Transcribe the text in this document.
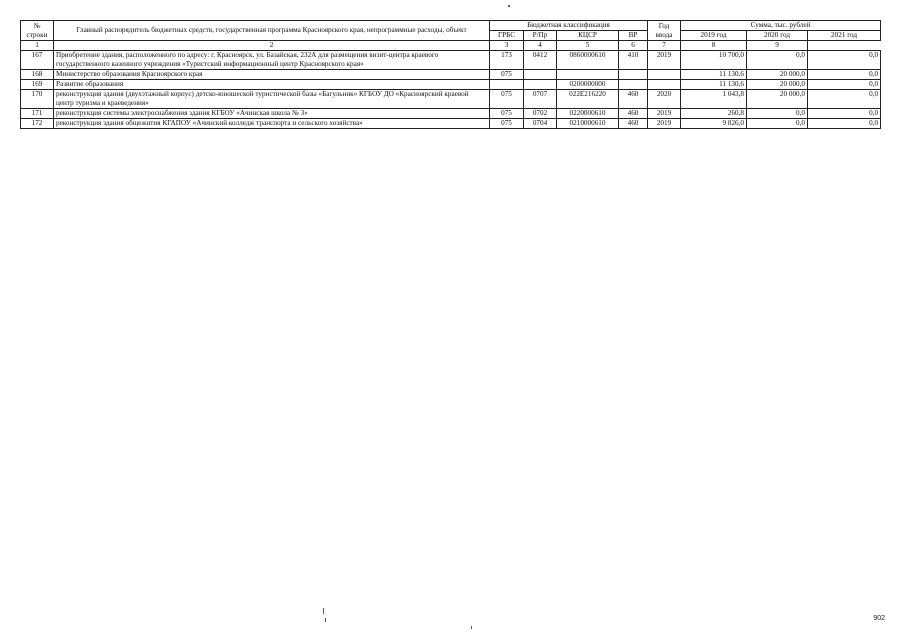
№
строки	Главный распорядитель бюджетных средств, государственная программа Красноярского края, непрограммные расходы, объект	Бюджетная классификация				Год
ввода	Сумма, тыс. рублей		
		ГРБС	Р/Пр	КЦСР	ВР		2019 год	2020 год	2021 год
1	2	3	4	5	6	7	8	9	
167	Приобретение здания, расположенного по адресу: г. Красноярск, ул. Базайская, 232А для размещения визит-центра краевого государственного казенного учреждения «Туристский информационный центр Красноярского края»	173	0412	0860000610	410	2019	10 700,0	0,0	0,0
168	Министерство образования Красноярского края	075					11 130,6	20 000,0	0,0
169	Развитие образования			0200000000			11 130,6	20 000,0	0,0
170	реконструкция здания (двухэтажный корпус) детско-юношеской туристической базы «Багульник» КГБОУ ДО «Красноярский краевой центр туризма и краеведения»	075	0707	022E216220	460	2020	1 043,8	20 000,0	0,0
171	реконструкция системы электроснабжения здания КГБОУ «Ачинская школа № 3»	075	0702	0220000610	460	2019	260,8	0,0	0,0
172	реконструкция здания общежития КГАПОУ «Ачинский колледж транспорта и сельского хозяйства»	075	0704	0210000610	460	2019	9 826,0	0,0	0,0
902
